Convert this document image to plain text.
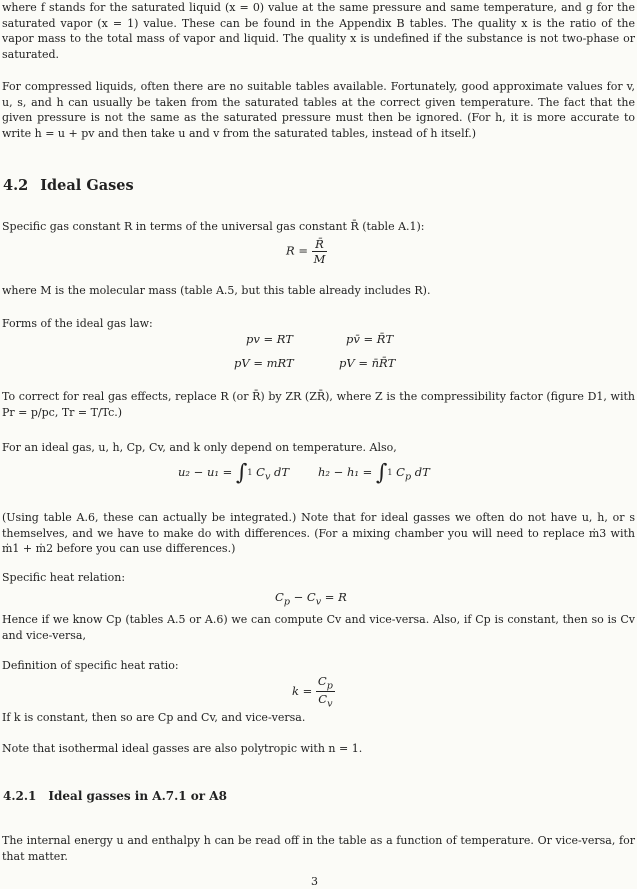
where f stands for the saturated liquid (x = 0) value at the same pressure and same temperature, and g for the saturated vapor (x = 1) value. These can be found in the Appendix B tables. The quality x is the ratio of the vapor mass to the total mass of vapor and liquid. The quality x is undefined if the substance is not two-phase or saturated.
For compressed liquids, often there are no suitable tables available. Fortunately, good approximate values for v, u, s, and h can usually be taken from the saturated tables at the correct given temperature. The fact that the given pressure is not the same as the saturated pressure must then be ignored. (For h, it is more accurate to write h = u + pv and then take u and v from the saturated tables, instead of h itself.)
4.2 Ideal Gases
Specific gas constant R in terms of the universal gas constant R̄ (table A.1):
$R = \frac{R̄}{M}$
where M is the molecular mass (table A.5, but this table already includes R).
Forms of the ideal gas law:
pv = RT	pv̄ = R̄T
pV = mRT	pV = n̄R̄T
To correct for real gas effects, replace R (or R̄) by ZR (ZR̄), where Z is the compressibility factor (figure D1, with Pr = p/pc, Tr = T/Tc.)
For an ideal gas, u, h, Cp, Cv, and k only depend on temperature. Also,
u₂ − u₁ = ∫1 $C_v$ dT	h₂ − h₁ = ∫1 $C_p$ dT
(Using table A.6, these can actually be integrated.) Note that for ideal gasses we often do not have u, h, or s themselves, and we have to make do with differences. (For a mixing chamber you will need to replace ṁ3 with ṁ1 + ṁ2 before you can use differences.)
Specific heat relation:
$C_p - C_v = R$
Hence if we know Cp (tables A.5 or A.6) we can compute Cv and vice-versa. Also, if Cp is constant, then so is Cv and vice-versa,
Definition of specific heat ratio:
$k = \frac{C_p}{C_v}$
If k is constant, then so are Cp and Cv, and vice-versa.
Note that isothermal ideal gasses are also polytropic with n = 1.
4.2.1 Ideal gasses in A.7.1 or A8
The internal energy u and enthalpy h can be read off in the table as a function of temperature. Or vice-versa, for that matter.
3
